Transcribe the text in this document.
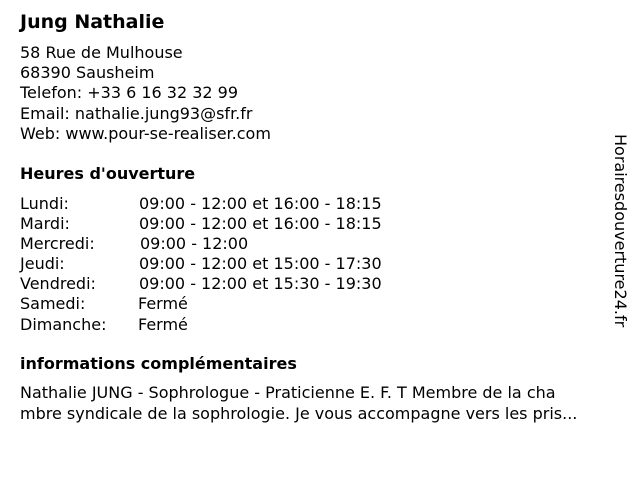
Jung Nathalie
58 Rue de Mulhouse
68390 Sausheim
Telefon: +33 6 16 32 32 99
Email: nathalie.jung93@sfr.fr
Web: www.pour-se-realiser.com
Heures d'ouverture
Lundi:	09:00 - 12:00 et 16:00 - 18:15
Mardi:	09:00 - 12:00 et 16:00 - 18:15
Mercredi:	09:00 - 12:00
Jeudi:	09:00 - 12:00 et 15:00 - 17:30
Vendredi:	09:00 - 12:00 et 15:30 - 19:30
Samedi:	Fermé
Dimanche: Fermé
informations complémentaires
Nathalie JUNG - Sophrologue - Praticienne E. F. T Membre de la cha
mbre syndicale de la sophrologie. Je vous accompagne vers les pris...
Horairesdouverture24.fr
